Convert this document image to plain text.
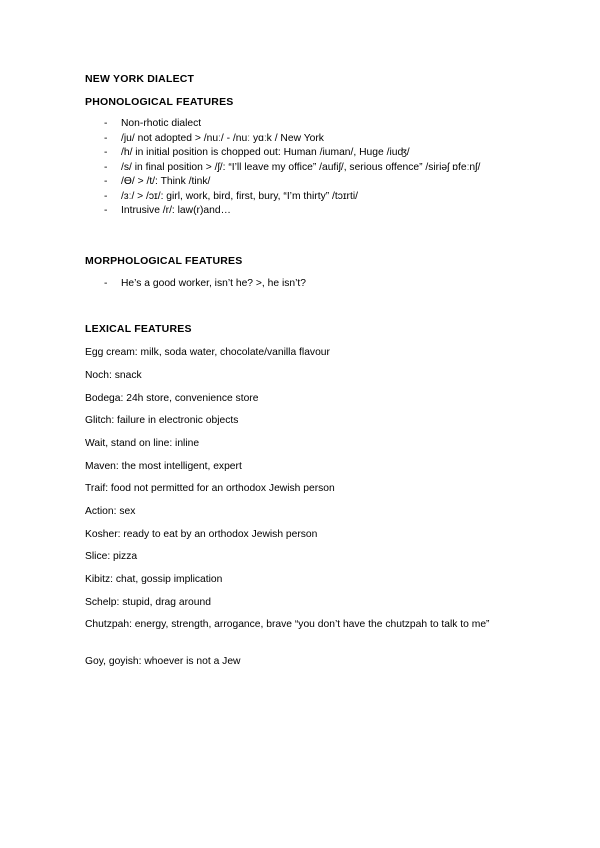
NEW YORK DIALECT
PHONOLOGICAL FEATURES
- Non-rhotic dialect
- /ju/ not adopted > /nuː/ - /nuː yɑːk / New York
- /h/ in initial position is chopped out: Human /iuman/, Huge /iuʤ/
- /s/ in final position > /ʃ/: “I’ll leave my office” /aufiʃ/, serious offence” /siriəʃ ɒfeːnʃ/
- /Ɵ/ > /t/: Think /tink/
- /ɜː/ > /ɔɪ/: girl, work, bird, first, bury, “I’m thirty” /tɔɪrti/
- Intrusive /r/: law(r)and…
MORPHOLOGICAL FEATURES
- He’s a good worker, isn’t he? >, he isn’t?
LEXICAL FEATURES
Egg cream: milk, soda water, chocolate/vanilla flavour
Noch: snack
Bodega: 24h store, convenience store
Glitch: failure in electronic objects
Wait, stand on line: inline
Maven: the most intelligent, expert
Traif: food not permitted for an orthodox Jewish person
Action: sex
Kosher: ready to eat by an orthodox Jewish person
Slice: pizza
Kibitz: chat, gossip implication
Schelp: stupid, drag around
Chutzpah: energy, strength, arrogance, brave “you don’t have the chutzpah to talk to me”
Goy, goyish: whoever is not a Jew
